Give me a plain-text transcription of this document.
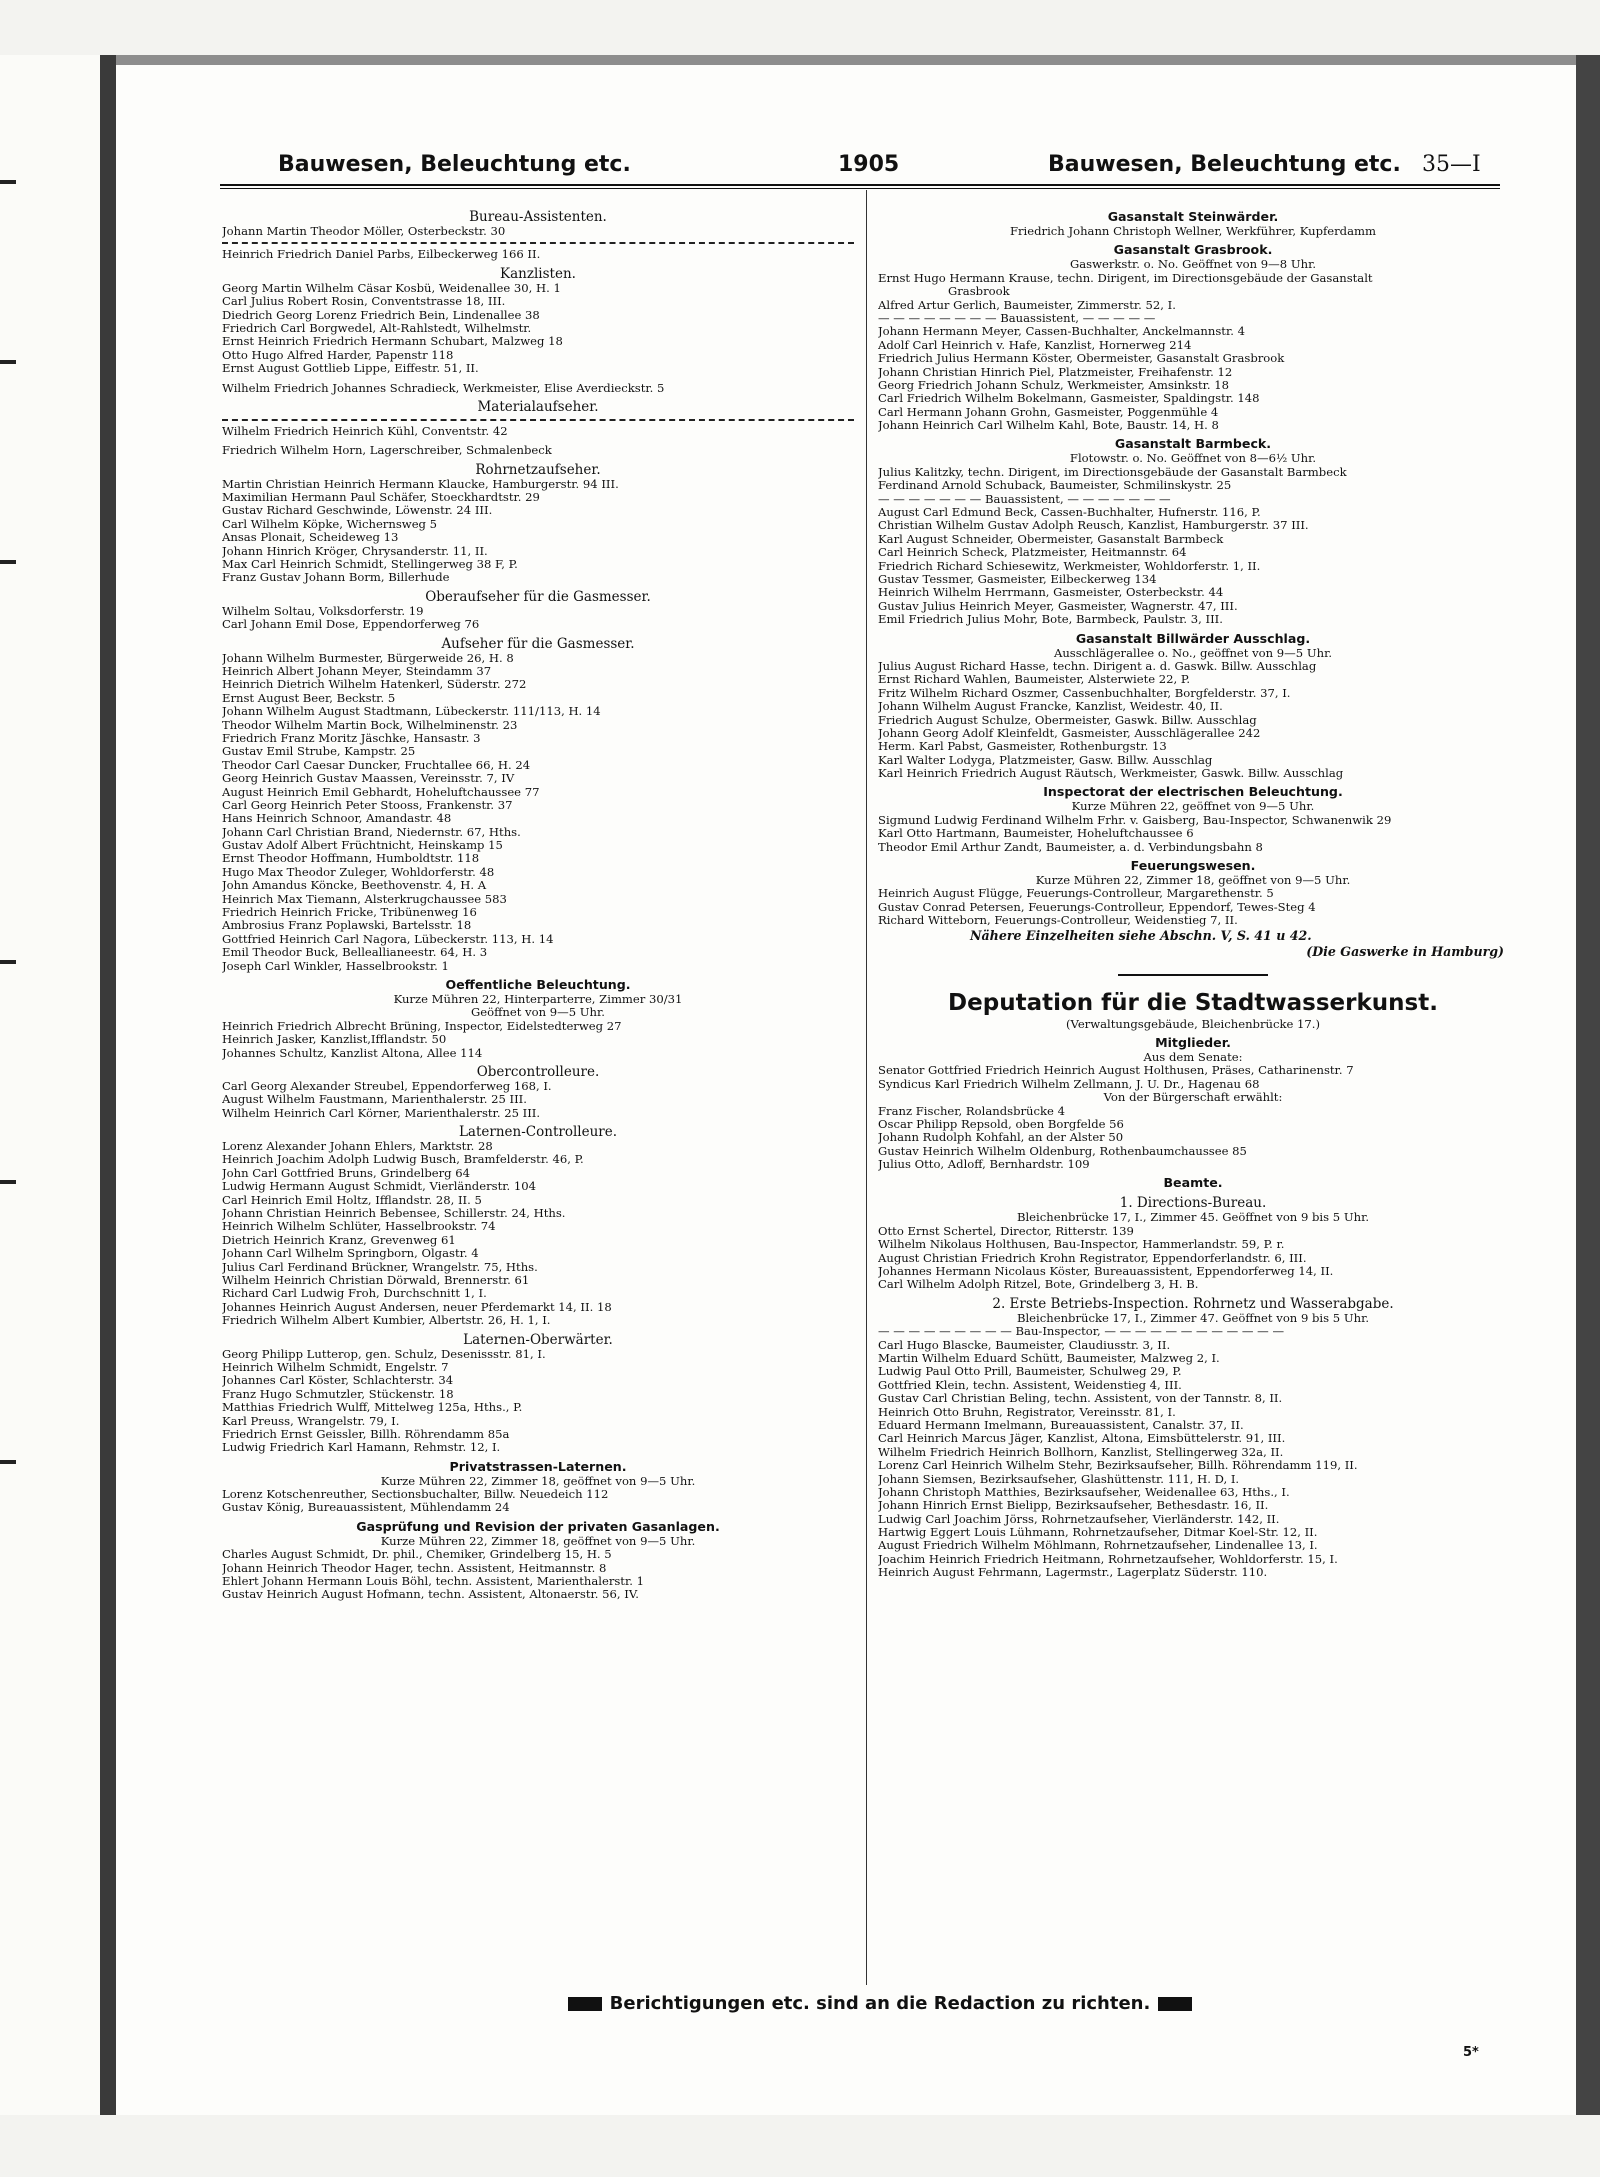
Bauwesen, Beleuchtung etc.	1905	Bauwesen, Beleuchtung etc. 35—I
Bureau-Assistenten.
Johann Martin Theodor Möller, Osterbeckstr. 30
Heinrich Friedrich Daniel Parbs, Eilbeckerweg 166 II.
Kanzlisten.
Georg Martin Wilhelm Cäsar Kosbü, Weidenallee 30, H. 1
Carl Julius Robert Rosin, Conventstrasse 18, III.
Diedrich Georg Lorenz Friedrich Bein, Lindenallee 38
Friedrich Carl Borgwedel, Alt-Rahlstedt, Wilhelmstr.
Ernst Heinrich Friedrich Hermann Schubart, Malzweg 18
Otto Hugo Alfred Harder, Papenstr 118
Ernst August Gottlieb Lippe, Eiffestr. 51, II.
Wilhelm Friedrich Johannes Schradieck, Werkmeister, Elise Averdieckstr. 5
Materialaufseher.
Wilhelm Friedrich Heinrich Kühl, Conventstr. 42
Friedrich Wilhelm Horn, Lagerschreiber, Schmalenbeck
Rohrnetzaufseher.
Martin Christian Heinrich Hermann Klaucke, Hamburgerstr. 94 III.
Maximilian Hermann Paul Schäfer, Stoeckhardtstr. 29
Gustav Richard Geschwinde, Löwenstr. 24 III.
Carl Wilhelm Köpke, Wichernsweg 5
Ansas Plonait, Scheideweg 13
Johann Hinrich Kröger, Chrysanderstr. 11, II.
Max Carl Heinrich Schmidt, Stellingerweg 38 F, P.
Franz Gustav Johann Borm, Billerhude
Oberaufseher für die Gasmesser.
Wilhelm Soltau, Volksdorferstr. 19
Carl Johann Emil Dose, Eppendorferweg 76
Aufseher für die Gasmesser.
Johann Wilhelm Burmester, Bürgerweide 26, H. 8
Heinrich Albert Johann Meyer, Steindamm 37
Heinrich Dietrich Wilhelm Hatenkerl, Süderstr. 272
Ernst August Beer, Beckstr. 5
Johann Wilhelm August Stadtmann, Lübeckerstr. 111/113, H. 14
Theodor Wilhelm Martin Bock, Wilhelminenstr. 23
Friedrich Franz Moritz Jäschke, Hansastr. 3
Gustav Emil Strube, Kampstr. 25
Theodor Carl Caesar Duncker, Fruchtallee 66, H. 24
Georg Heinrich Gustav Maassen, Vereinsstr. 7, IV
August Heinrich Emil Gebhardt, Hoheluftchaussee 77
Carl Georg Heinrich Peter Stooss, Frankenstr. 37
Hans Heinrich Schnoor, Amandastr. 48
Johann Carl Christian Brand, Niedernstr. 67, Hths.
Gustav Adolf Albert Früchtnicht, Heinskamp 15
Ernst Theodor Hoffmann, Humboldtstr. 118
Hugo Max Theodor Zuleger, Wohldorferstr. 48
John Amandus Köncke, Beethovenstr. 4, H. A
Heinrich Max Tiemann, Alsterkrugchaussee 583
Friedrich Heinrich Fricke, Tribünenweg 16
Ambrosius Franz Poplawski, Bartelsstr. 18
Gottfried Heinrich Carl Nagora, Lübeckerstr. 113, H. 14
Emil Theodor Buck, Belleallianeestr. 64, H. 3
Joseph Carl Winkler, Hasselbrookstr. 1
Oeffentliche Beleuchtung.
Kurze Mühren 22, Hinterparterre, Zimmer 30/31
Geöffnet von 9—5 Uhr.
Heinrich Friedrich Albrecht Brüning, Inspector, Eidelstedterweg 27
Heinrich Jasker, Kanzlist,Ifflandstr. 50
Johannes Schultz, Kanzlist Altona, Allee 114
Obercontrolleure.
Carl Georg Alexander Streubel, Eppendorferweg 168, I.
August Wilhelm Faustmann, Marienthalerstr. 25 III.
Wilhelm Heinrich Carl Körner, Marienthalerstr. 25 III.
Laternen-Controlleure.
Lorenz Alexander Johann Ehlers, Marktstr. 28
Heinrich Joachim Adolph Ludwig Busch, Bramfelderstr. 46, P.
John Carl Gottfried Bruns, Grindelberg 64
Ludwig Hermann August Schmidt, Vierländerstr. 104
Carl Heinrich Emil Holtz, Ifflandstr. 28, II. 5
Johann Christian Heinrich Bebensee, Schillerstr. 24, Hths.
Heinrich Wilhelm Schlüter, Hasselbrookstr. 74
Dietrich Heinrich Kranz, Grevenweg 61
Johann Carl Wilhelm Springborn, Olgastr. 4
Julius Carl Ferdinand Brückner, Wrangelstr. 75, Hths.
Wilhelm Heinrich Christian Dörwald, Brennerstr. 61
Richard Carl Ludwig Froh, Durchschnitt 1, I.
Johannes Heinrich August Andersen, neuer Pferdemarkt 14, II. 18
Friedrich Wilhelm Albert Kumbier, Albertstr. 26, H. 1, I.
Laternen-Oberwärter.
Georg Philipp Lutterop, gen. Schulz, Desenissstr. 81, I.
Heinrich Wilhelm Schmidt, Engelstr. 7
Johannes Carl Köster, Schlachterstr. 34
Franz Hugo Schmutzler, Stückenstr. 18
Matthias Friedrich Wulff, Mittelweg 125a, Hths., P.
Karl Preuss, Wrangelstr. 79, I.
Friedrich Ernst Geissler, Billh. Röhrendamm 85a
Ludwig Friedrich Karl Hamann, Rehmstr. 12, I.
Privatstrassen-Laternen.
Kurze Mühren 22, Zimmer 18, geöffnet von 9—5 Uhr.
Lorenz Kotschenreuther, Sectionsbuchalter, Billw. Neuedeich 112
Gustav König, Bureauassistent, Mühlendamm 24
Gasprüfung und Revision der privaten Gasanlagen.
Kurze Mühren 22, Zimmer 18, geöffnet von 9—5 Uhr.
Charles August Schmidt, Dr. phil., Chemiker, Grindelberg 15, H. 5
Johann Heinrich Theodor Hager, techn. Assistent, Heitmannstr. 8
Ehlert Johann Hermann Louis Böhl, techn. Assistent, Marienthalerstr. 1
Gustav Heinrich August Hofmann, techn. Assistent, Altonaerstr. 56, IV.
Gasanstalt Steinwärder.
Friedrich Johann Christoph Wellner, Werkführer, Kupferdamm
Gasanstalt Grasbrook.
Gaswerkstr. o. No. Geöffnet von 9—8 Uhr.
Ernst Hugo Hermann Krause, techn. Dirigent, im Directionsgebäude der Gasanstalt
Grasbrook
Alfred Artur Gerlich, Baumeister, Zimmerstr. 52, I.
— — — — — — — — Bauassistent, — — — — —
Johann Hermann Meyer, Cassen-Buchhalter, Anckelmannstr. 4
Adolf Carl Heinrich v. Hafe, Kanzlist, Hornerweg 214
Friedrich Julius Hermann Köster, Obermeister, Gasanstalt Grasbrook
Johann Christian Hinrich Piel, Platzmeister, Freihafenstr. 12
Georg Friedrich Johann Schulz, Werkmeister, Amsinkstr. 18
Carl Friedrich Wilhelm Bokelmann, Gasmeister, Spaldingstr. 148
Carl Hermann Johann Grohn, Gasmeister, Poggenmühle 4
Johann Heinrich Carl Wilhelm Kahl, Bote, Baustr. 14, H. 8
Gasanstalt Barmbeck.
Flotowstr. o. No. Geöffnet von 8—6½ Uhr.
Julius Kalitzky, techn. Dirigent, im Directionsgebäude der Gasanstalt Barmbeck
Ferdinand Arnold Schuback, Baumeister, Schmilinskystr. 25
— — — — — — — Bauassistent, — — — — — — —
August Carl Edmund Beck, Cassen-Buchhalter, Hufnerstr. 116, P.
Christian Wilhelm Gustav Adolph Reusch, Kanzlist, Hamburgerstr. 37 III.
Karl August Schneider, Obermeister, Gasanstalt Barmbeck
Carl Heinrich Scheck, Platzmeister, Heitmannstr. 64
Friedrich Richard Schiesewitz, Werkmeister, Wohldorferstr. 1, II.
Gustav Tessmer, Gasmeister, Eilbeckerweg 134
Heinrich Wilhelm Herrmann, Gasmeister, Osterbeckstr. 44
Gustav Julius Heinrich Meyer, Gasmeister, Wagnerstr. 47, III.
Emil Friedrich Julius Mohr, Bote, Barmbeck, Paulstr. 3, III.
Gasanstalt Billwärder Ausschlag.
Ausschlägerallee o. No., geöffnet von 9—5 Uhr.
Julius August Richard Hasse, techn. Dirigent a. d. Gaswk. Billw. Ausschlag
Ernst Richard Wahlen, Baumeister, Alsterwiete 22, P.
Fritz Wilhelm Richard Oszmer, Cassenbuchhalter, Borgfelderstr. 37, I.
Johann Wilhelm August Francke, Kanzlist, Weidestr. 40, II.
Friedrich August Schulze, Obermeister, Gaswk. Billw. Ausschlag
Johann Georg Adolf Kleinfeldt, Gasmeister, Ausschlägerallee 242
Herm. Karl Pabst, Gasmeister, Rothenburgstr. 13
Karl Walter Lodyga, Platzmeister, Gasw. Billw. Ausschlag
Karl Heinrich Friedrich August Räutsch, Werkmeister, Gaswk. Billw. Ausschlag
Inspectorat der electrischen Beleuchtung.
Kurze Mühren 22, geöffnet von 9—5 Uhr.
Sigmund Ludwig Ferdinand Wilhelm Frhr. v. Gaisberg, Bau-Inspector, Schwanenwik 29
Karl Otto Hartmann, Baumeister, Hoheluftchaussee 6
Theodor Emil Arthur Zandt, Baumeister, a. d. Verbindungsbahn 8
Feuerungswesen.
Kurze Mühren 22, Zimmer 18, geöffnet von 9—5 Uhr.
Heinrich August Flügge, Feuerungs-Controlleur, Margarethenstr. 5
Gustav Conrad Petersen, Feuerungs-Controlleur, Eppendorf, Tewes-Steg 4
Richard Witteborn, Feuerungs-Controlleur, Weidenstieg 7, II.
Nähere Einzelheiten siehe Abschn. V, S. 41 u 42.
(Die Gaswerke in Hamburg)
Deputation für die Stadtwasserkunst.
(Verwaltungsgebäude, Bleichenbrücke 17.)
Mitglieder.
Aus dem Senate:
Senator Gottfried Friedrich Heinrich August Holthusen, Präses, Catharinenstr. 7
Syndicus Karl Friedrich Wilhelm Zellmann, J. U. Dr., Hagenau 68
Von der Bürgerschaft erwählt:
Franz Fischer, Rolandsbrücke 4
Oscar Philipp Repsold, oben Borgfelde 56
Johann Rudolph Kohfahl, an der Alster 50
Gustav Heinrich Wilhelm Oldenburg, Rothenbaumchaussee 85
Julius Otto, Adloff, Bernhardstr. 109
Beamte.
1. Directions-Bureau.
Bleichenbrücke 17, I., Zimmer 45. Geöffnet von 9 bis 5 Uhr.
Otto Ernst Schertel, Director, Ritterstr. 139
Wilhelm Nikolaus Holthusen, Bau-Inspector, Hammerlandstr. 59, P. r.
August Christian Friedrich Krohn Registrator, Eppendorferlandstr. 6, III.
Johannes Hermann Nicolaus Köster, Bureauassistent, Eppendorferweg 14, II.
Carl Wilhelm Adolph Ritzel, Bote, Grindelberg 3, H. B.
2. Erste Betriebs-Inspection. Rohrnetz und Wasserabgabe.
Bleichenbrücke 17, I., Zimmer 47. Geöffnet von 9 bis 5 Uhr.
— — — — — — — — — Bau-Inspector, — — — — — — — — — — — —
Carl Hugo Blascke, Baumeister, Claudiusstr. 3, II.
Martin Wilhelm Eduard Schütt, Baumeister, Malzweg 2, I.
Ludwig Paul Otto Prill, Baumeister, Schulweg 29, P.
Gottfried Klein, techn. Assistent, Weidenstieg 4, III.
Gustav Carl Christian Beling, techn. Assistent, von der Tannstr. 8, II.
Heinrich Otto Bruhn, Registrator, Vereinsstr. 81, I.
Eduard Hermann Imelmann, Bureauassistent, Canalstr. 37, II.
Carl Heinrich Marcus Jäger, Kanzlist, Altona, Eimsbüttelerstr. 91, III.
Wilhelm Friedrich Heinrich Bollhorn, Kanzlist, Stellingerweg 32a, II.
Lorenz Carl Heinrich Wilhelm Stehr, Bezirksaufseher, Billh. Röhrendamm 119, II.
Johann Siemsen, Bezirksaufseher, Glashüttenstr. 111, H. D, I.
Johann Christoph Matthies, Bezirksaufseher, Weidenallee 63, Hths., I.
Johann Hinrich Ernst Bielipp, Bezirksaufseher, Bethesdastr. 16, II.
Ludwig Carl Joachim Jörss, Rohrnetzaufseher, Vierländerstr. 142, II.
Hartwig Eggert Louis Lühmann, Rohrnetzaufseher, Ditmar Koel-Str. 12, II.
August Friedrich Wilhelm Möhlmann, Rohrnetzaufseher, Lindenallee 13, I.
Joachim Heinrich Friedrich Heitmann, Rohrnetzaufseher, Wohldorferstr. 15, I.
Heinrich August Fehrmann, Lagermstr., Lagerplatz Süderstr. 110.
Berichtigungen etc. sind an die Redaction zu richten.
5*
